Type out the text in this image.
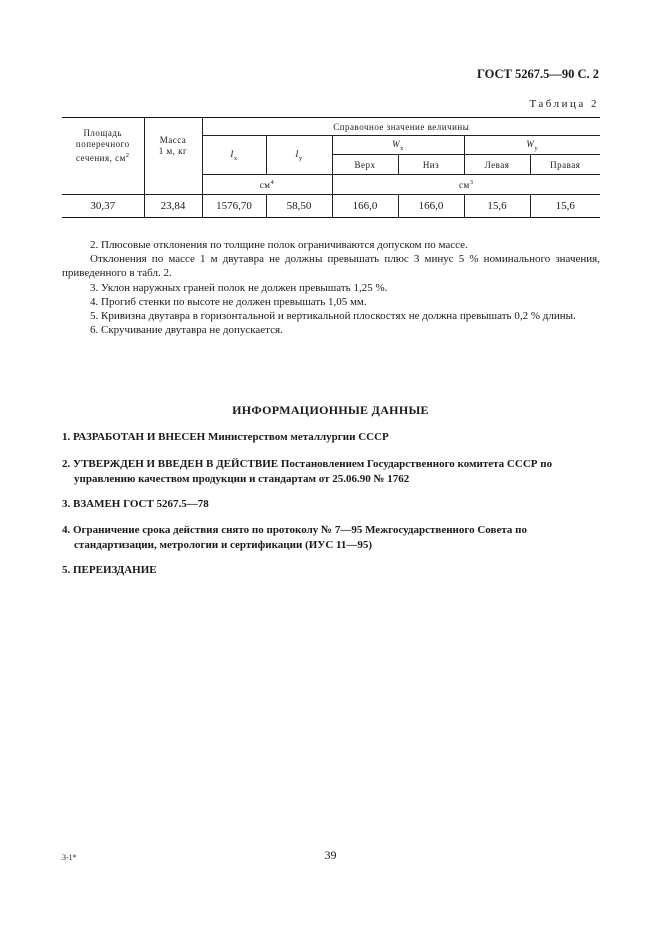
ГОСТ 5267.5—90 С. 2
Таблица 2
Площадь
поперечного
сечения, $см^2$	Масса
1 м, кг	Справочное значение величины					
		$I_x$	$I_y$	$W_x$		$W_y$
				Верх	Низ	Левая	Правая
		$см^4$		$см^3$
30,37	23,84	1576,70	58,50	166,0	166,0	15,6	15,6

2. Плюсовые отклонения по толщине полок ограничиваются допуском по массе.

Отклонения по массе 1 м двутавра не должны превышать плюс 3 минус 5 % номинального значения, приведенного в табл. 2.

3. Уклон наружных граней полок не должен превышать 1,25 %.

4. Прогиб стенки по высоте не должен превышать 1,05 мм.

5. Кривизна двутавра в горизонтальной и вертикальной плоскостях не должна превышать 0,2 % длины.

6. Скручивание двутавра не допускается.

ИНФОРМАЦИОННЫЕ ДАННЫЕ
1. РАЗРАБОТАН И ВНЕСЕН Министерством металлургии СССР
2. УТВЕРЖДЕН И ВВЕДЕН В ДЕЙСТВИЕ Постановлением Государственного комитета СССР по управлению качеством продукции и стандартам от 25.06.90 № 1762
3. ВЗАМЕН ГОСТ 5267.5—78
4. Ограничение срока действия снято по протоколу № 7—95 Межгосударственного Совета по стандартизации, метрологии и сертификации (ИУС 11—95)
5. ПЕРЕИЗДАНИЕ
3-1*	39
